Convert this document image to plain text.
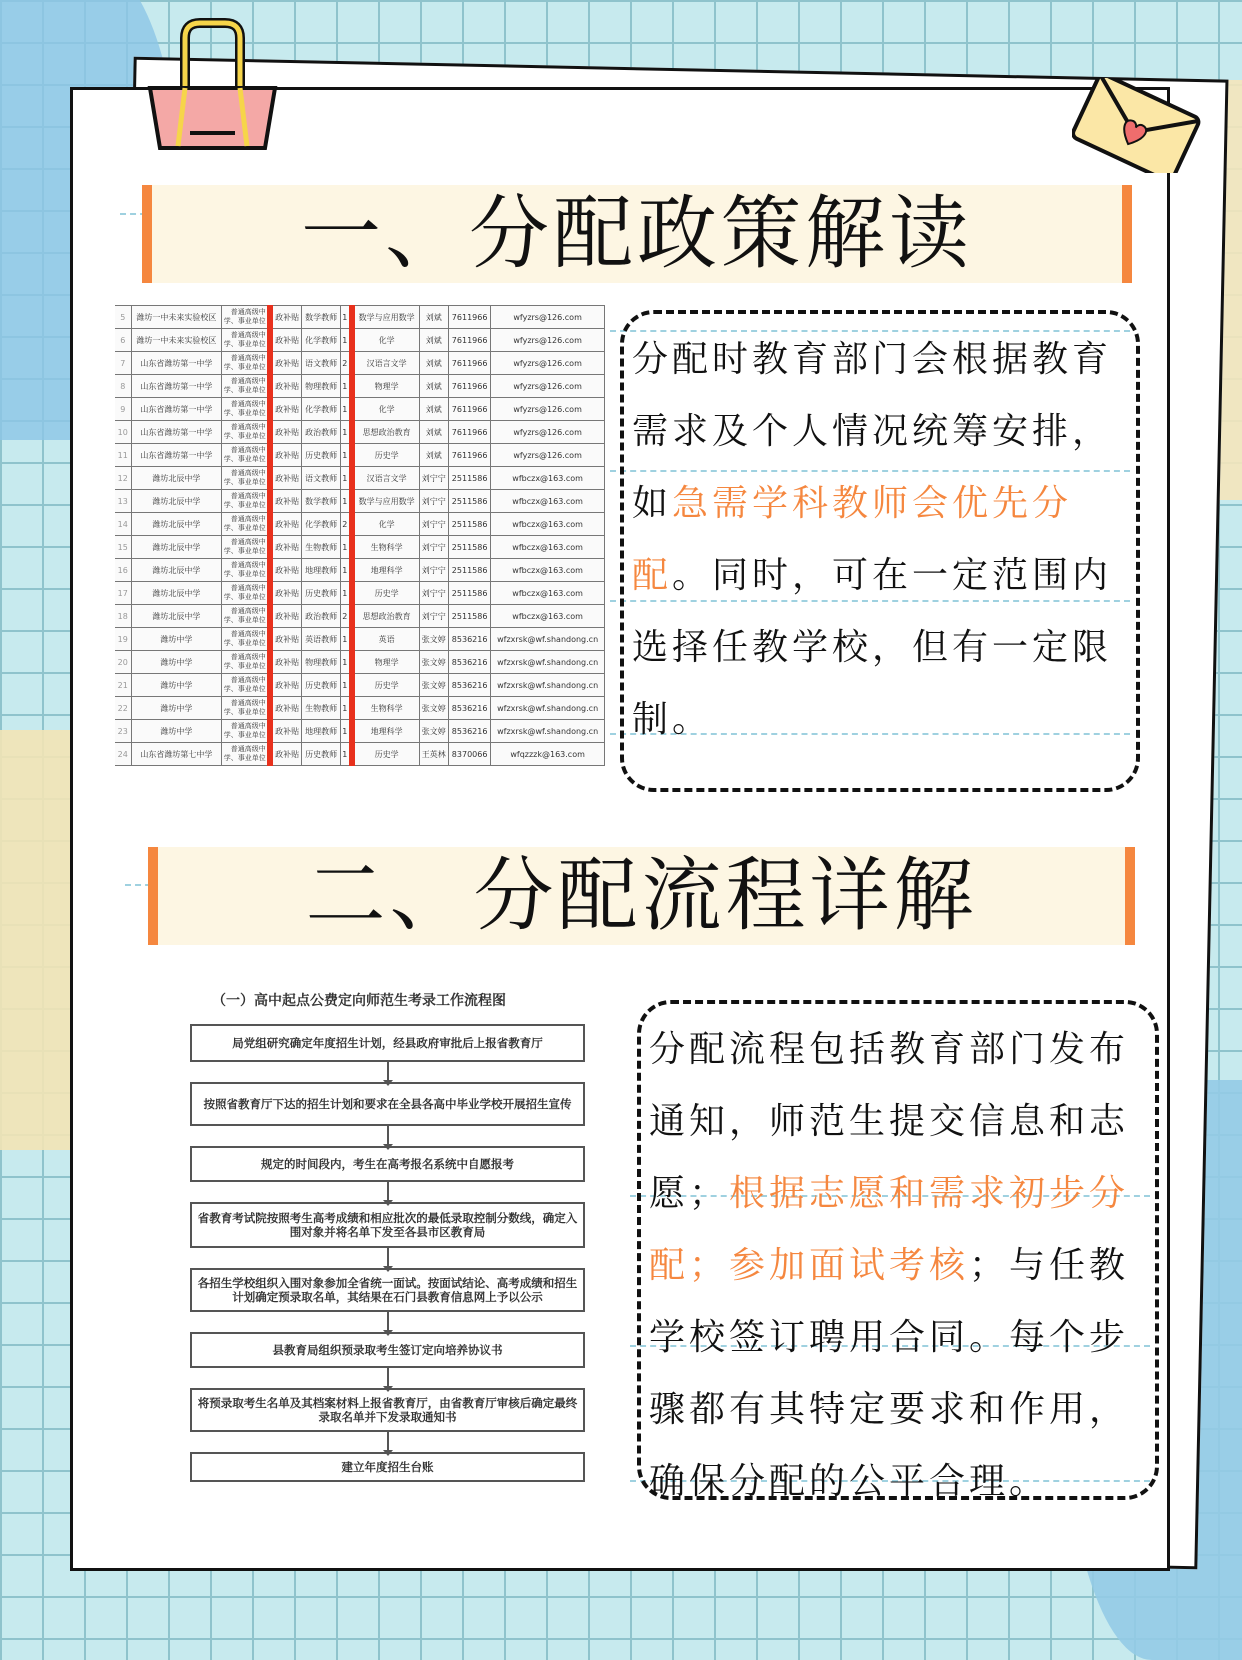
一、分配政策解读
5	潍坊一中未来实验校区	普通高级中学、事业单位	政补贴	数学教师	1	数学与应用数学	刘斌	7611966	wfyzrs@126.com
6	潍坊一中未来实验校区	普通高级中学、事业单位	政补贴	化学教师	1	化学	刘斌	7611966	wfyzrs@126.com
7	山东省潍坊第一中学	普通高级中学、事业单位	政补贴	语文教师	2	汉语言文学	刘斌	7611966	wfyzrs@126.com
8	山东省潍坊第一中学	普通高级中学、事业单位	政补贴	物理教师	1	物理学	刘斌	7611966	wfyzrs@126.com
9	山东省潍坊第一中学	普通高级中学、事业单位	政补贴	化学教师	1	化学	刘斌	7611966	wfyzrs@126.com
10	山东省潍坊第一中学	普通高级中学、事业单位	政补贴	政治教师	1	思想政治教育	刘斌	7611966	wfyzrs@126.com
11	山东省潍坊第一中学	普通高级中学、事业单位	政补贴	历史教师	1	历史学	刘斌	7611966	wfyzrs@126.com
12	潍坊北辰中学	普通高级中学、事业单位	政补贴	语文教师	1	汉语言文学	刘宁宁	2511586	wfbczx@163.com
13	潍坊北辰中学	普通高级中学、事业单位	政补贴	数学教师	1	数学与应用数学	刘宁宁	2511586	wfbczx@163.com
14	潍坊北辰中学	普通高级中学、事业单位	政补贴	化学教师	2	化学	刘宁宁	2511586	wfbczx@163.com
15	潍坊北辰中学	普通高级中学、事业单位	政补贴	生物教师	1	生物科学	刘宁宁	2511586	wfbczx@163.com
16	潍坊北辰中学	普通高级中学、事业单位	政补贴	地理教师	1	地理科学	刘宁宁	2511586	wfbczx@163.com
17	潍坊北辰中学	普通高级中学、事业单位	政补贴	历史教师	1	历史学	刘宁宁	2511586	wfbczx@163.com
18	潍坊北辰中学	普通高级中学、事业单位	政补贴	政治教师	2	思想政治教育	刘宁宁	2511586	wfbczx@163.com
19	潍坊中学	普通高级中学、事业单位	政补贴	英语教师	1	英语	张文婷	8536216	wfzxrsk@wf.shandong.cn
20	潍坊中学	普通高级中学、事业单位	政补贴	物理教师	1	物理学	张文婷	8536216	wfzxrsk@wf.shandong.cn
21	潍坊中学	普通高级中学、事业单位	政补贴	历史教师	1	历史学	张文婷	8536216	wfzxrsk@wf.shandong.cn
22	潍坊中学	普通高级中学、事业单位	政补贴	生物教师	1	生物科学	张文婷	8536216	wfzxrsk@wf.shandong.cn
23	潍坊中学	普通高级中学、事业单位	政补贴	地理教师	1	地理科学	张文婷	8536216	wfzxrsk@wf.shandong.cn
24	山东省潍坊第七中学	普通高级中学、事业单位	政补贴	历史教师	1	历史学	王英林	8370066	wfqzzzk@163.com
分配时教育部门会根据教育需求及个人情况统筹安排，如急需学科教师会优先分配。同时，可在一定范围内选择任教学校，但有一定限制。
二、分配流程详解
（一）高中起点公费定向师范生考录工作流程图
局党组研究确定年度招生计划，经县政府审批后上报省教育厅
按照省教育厅下达的招生计划和要求在全县各高中毕业学校开展招生宣传
规定的时间段内，考生在高考报名系统中自愿报考
省教育考试院按照考生高考成绩和相应批次的最低录取控制分数线，确定入围对象并将名单下发至各县市区教育局
各招生学校组织入围对象参加全省统一面试。按面试结论、高考成绩和招生计划确定预录取名单，其结果在石门县教育信息网上予以公示
县教育局组织预录取考生签订定向培养协议书
将预录取考生名单及其档案材料上报省教育厅，由省教育厅审核后确定最终录取名单并下发录取通知书
建立年度招生台账
分配流程包括教育部门发布通知，师范生提交信息和志愿；根据志愿和需求初步分配；参加面试考核；与任教学校签订聘用合同。每个步骤都有其特定要求和作用，确保分配的公平合理。
